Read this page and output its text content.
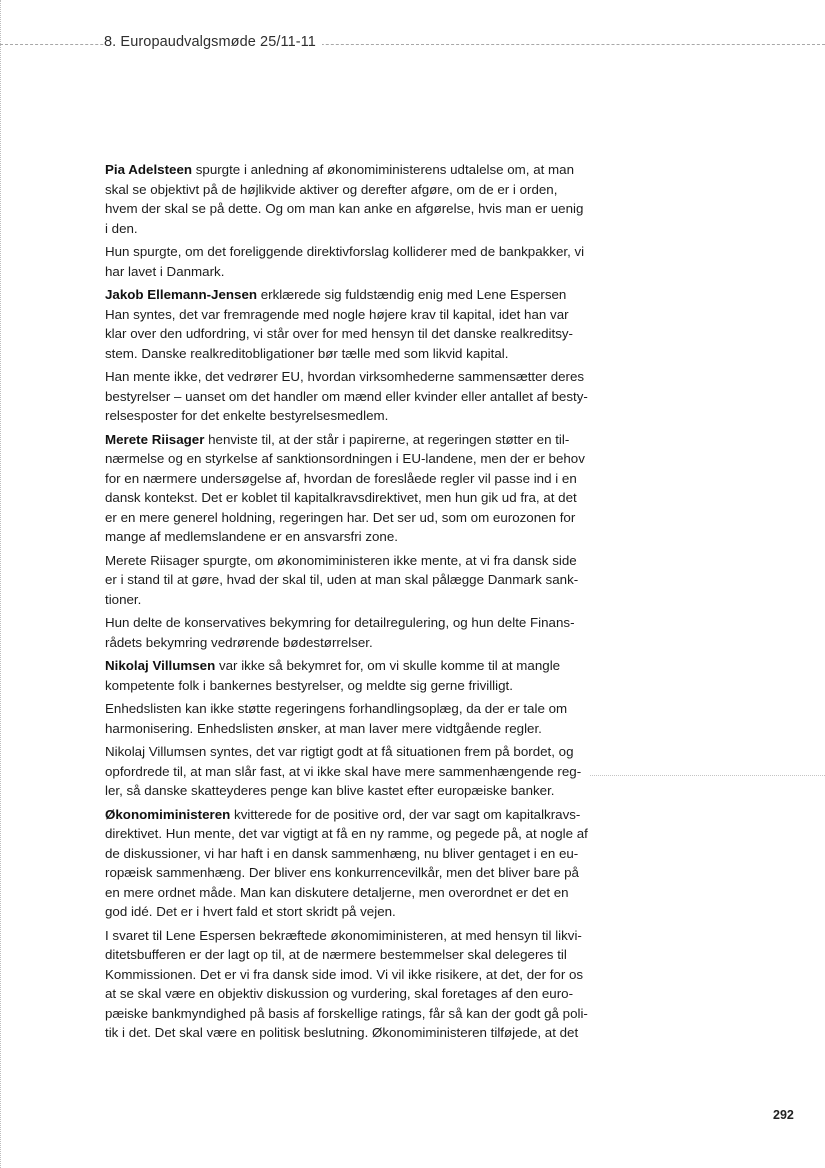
8. Europaudvalgsmøde 25/11-11

Pia Adelsteen spurgte i anledning af økonomiministerens udtalelse om, at man
skal se objektivt på de højlikvide aktiver og derefter afgøre, om de er i orden,
hvem der skal se på dette. Og om man kan anke en afgørelse, hvis man er uenig
i den.

Hun spurgte, om det foreliggende direktivforslag kolliderer med de bankpakker, vi
har lavet i Danmark.

Jakob Ellemann-Jensen erklærede sig fuldstændig enig med Lene Espersen
Han syntes, det var fremragende med nogle højere krav til kapital, idet han var
klar over den udfordring, vi står over for med hensyn til det danske realkreditsy-
stem. Danske realkreditobligationer bør tælle med som likvid kapital.

Han mente ikke, det vedrører EU, hvordan virksomhederne sammensætter deres
bestyrelser – uanset om det handler om mænd eller kvinder eller antallet af besty-
relsesposter for det enkelte bestyrelsesmedlem.

Merete Riisager henviste til, at der står i papirerne, at regeringen støtter en til-
nærmelse og en styrkelse af sanktionsordningen i EU-landene, men der er behov
for en nærmere undersøgelse af, hvordan de foreslåede regler vil passe ind i en
dansk kontekst. Det er koblet til kapitalkravsdirektivet, men hun gik ud fra, at det
er en mere generel holdning, regeringen har. Det ser ud, som om eurozonen for
mange af medlemslandene er en ansvarsfri zone.

Merete Riisager spurgte, om økonomiministeren ikke mente, at vi fra dansk side
er i stand til at gøre, hvad der skal til, uden at man skal pålægge Danmark sank-
tioner.

Hun delte de konservatives bekymring for detailregulering, og hun delte Finans-
rådets bekymring vedrørende bødestørrelser.

Nikolaj Villumsen var ikke så bekymret for, om vi skulle komme til at mangle
kompetente folk i bankernes bestyrelser, og meldte sig gerne frivilligt.

Enhedslisten kan ikke støtte regeringens forhandlingsoplæg, da der er tale om
harmonisering. Enhedslisten ønsker, at man laver mere vidtgående regler.

Nikolaj Villumsen syntes, det var rigtigt godt at få situationen frem på bordet, og
opfordrede til, at man slår fast, at vi ikke skal have mere sammenhængende reg-
ler, så danske skatteyderes penge kan blive kastet efter europæiske banker.

Økonomiministeren kvitterede for de positive ord, der var sagt om kapitalkravs-
direktivet. Hun mente, det var vigtigt at få en ny ramme, og pegede på, at nogle af
de diskussioner, vi har haft i en dansk sammenhæng, nu bliver gentaget i en eu-
ropæisk sammenhæng. Der bliver ens konkurrencevilkår, men det bliver bare på
en mere ordnet måde. Man kan diskutere detaljerne, men overordnet er det en
god idé. Det er i hvert fald et stort skridt på vejen.

I svaret til Lene Espersen bekræftede økonomiministeren, at med hensyn til likvi-
ditetsbufferen er der lagt op til, at de nærmere bestemmelser skal delegeres til
Kommissionen. Det er vi fra dansk side imod. Vi vil ikke risikere, at det, der for os
at se skal være en objektiv diskussion og vurdering, skal foretages af den euro-
pæiske bankmyndighed på basis af forskellige ratings, får så kan der godt gå poli-
tik i det. Det skal være en politisk beslutning. Økonomiministeren tilføjede, at det

292
